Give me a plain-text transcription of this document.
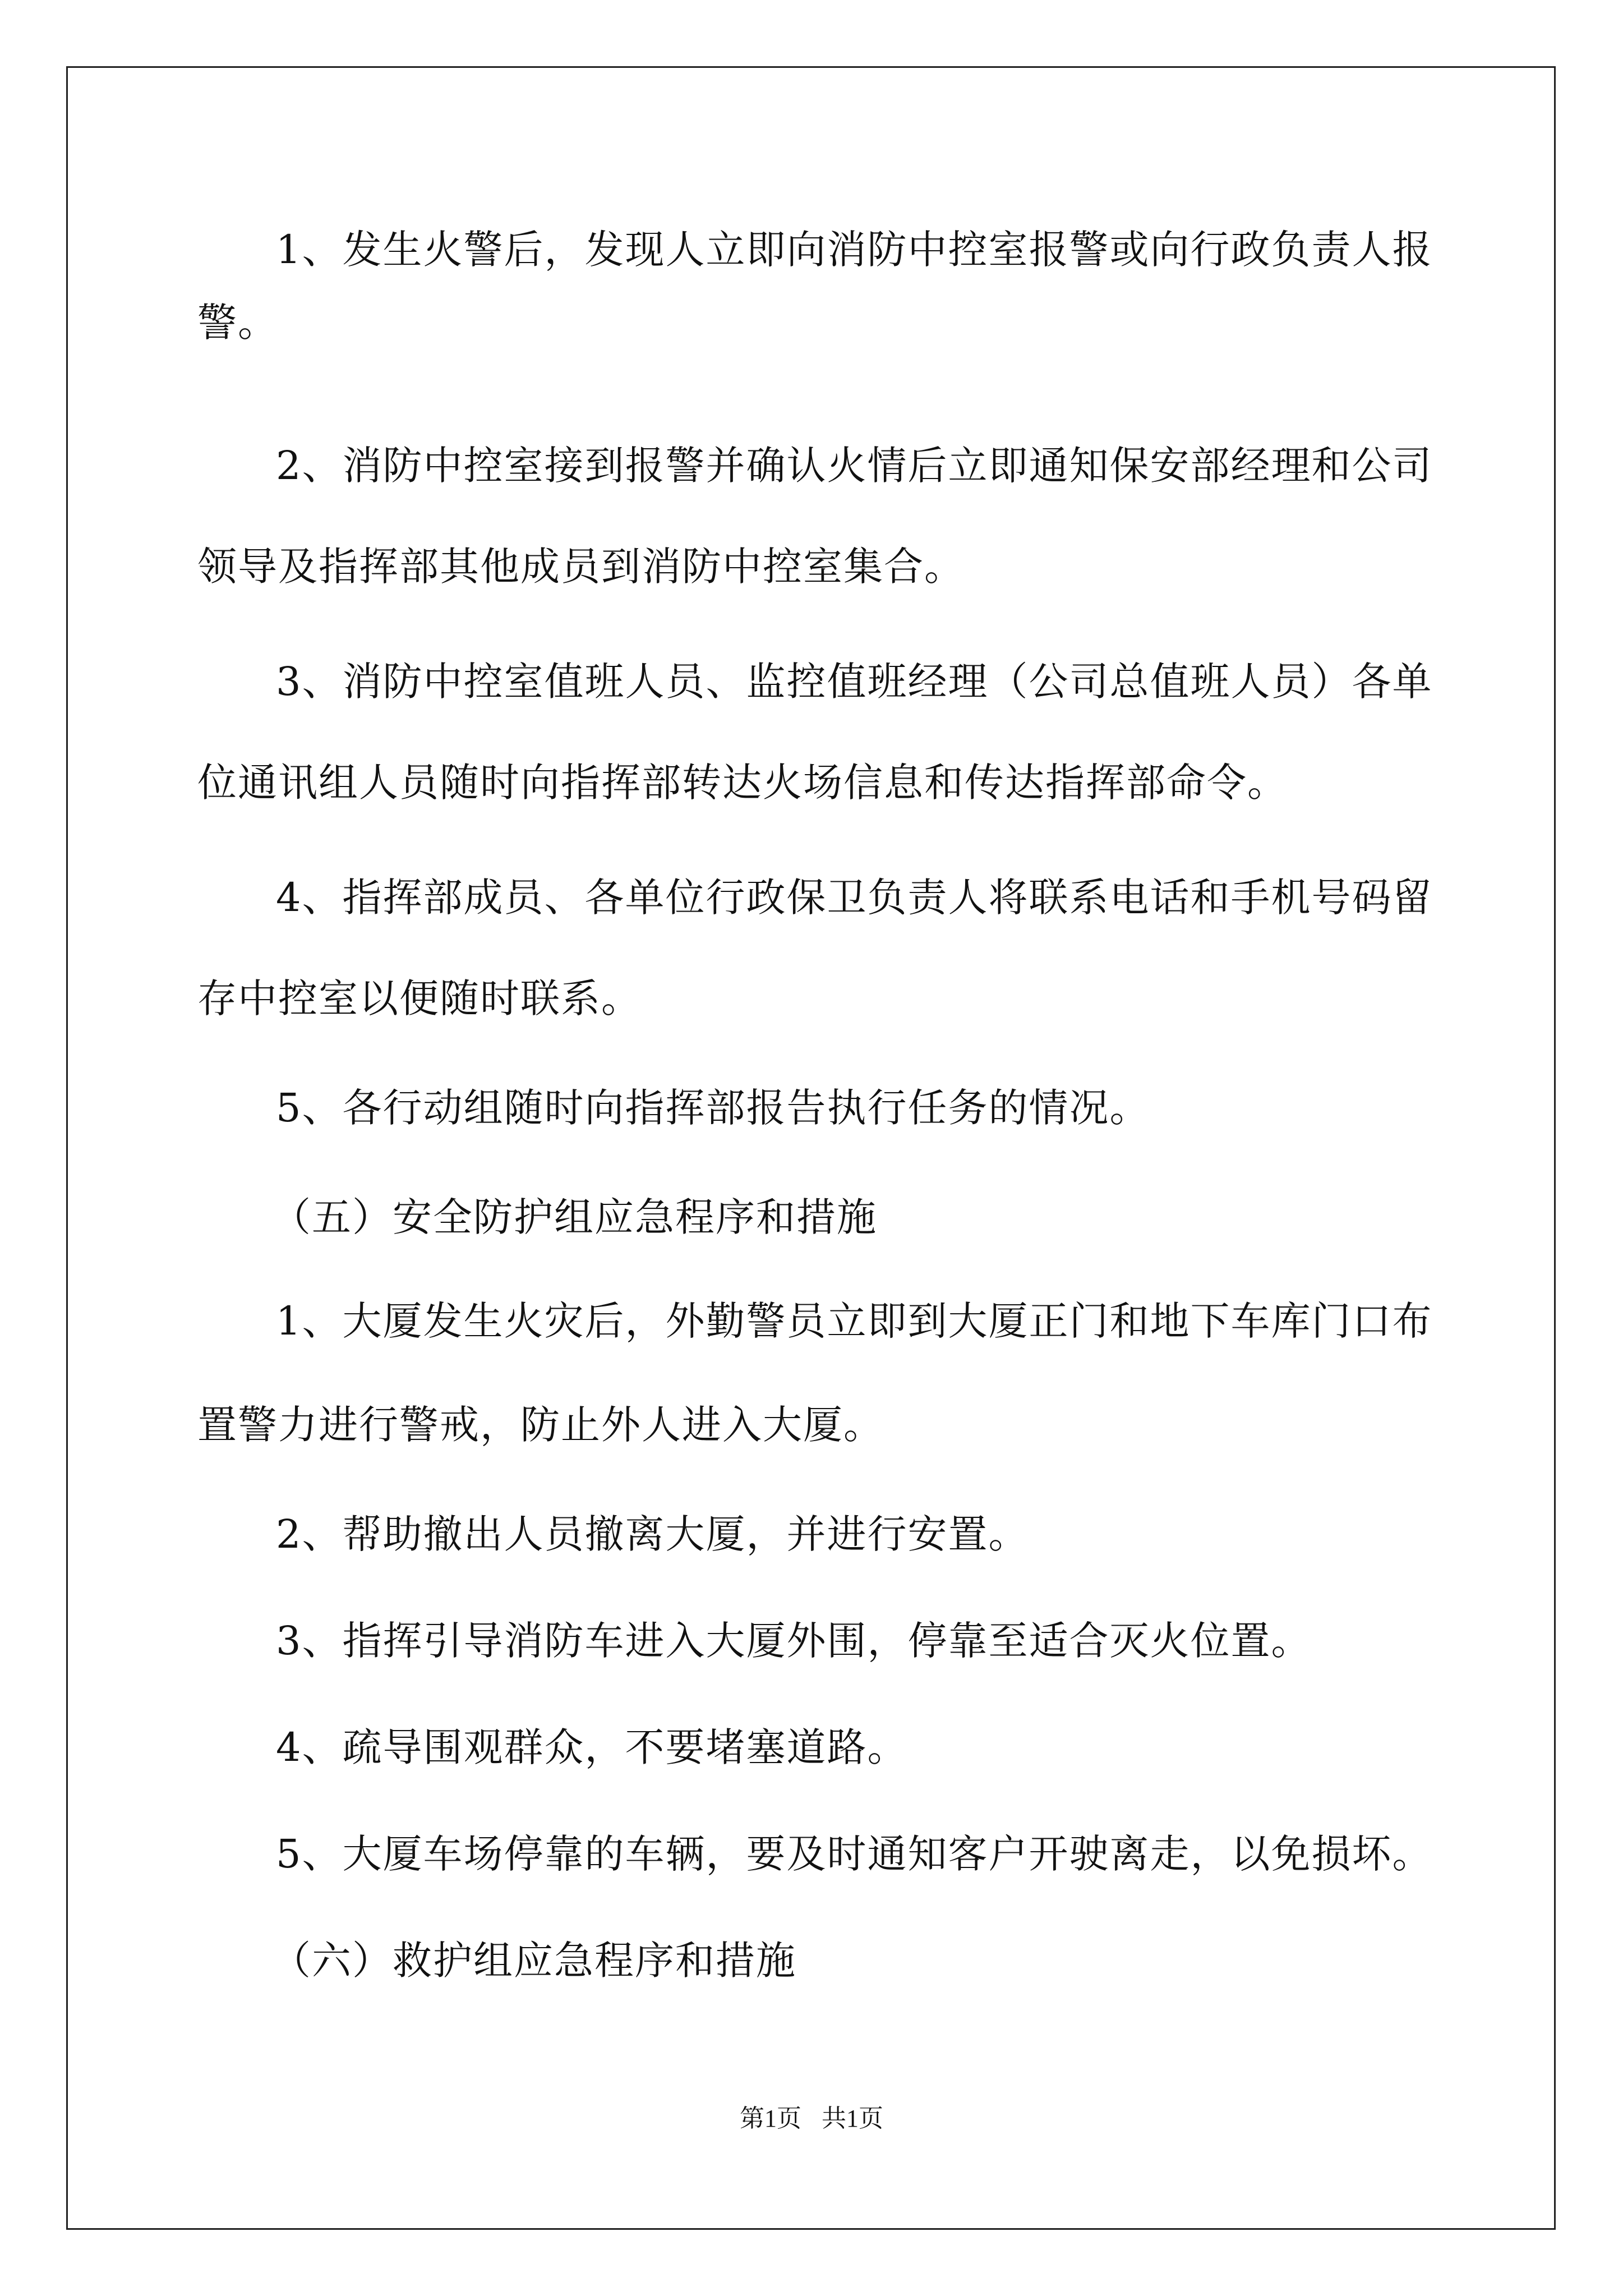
1、发生火警后，发现人立即向消防中控室报警或向行政负责人报
警。
2、消防中控室接到报警并确认火情后立即通知保安部经理和公司
领导及指挥部其他成员到消防中控室集合。
3、消防中控室值班人员、监控值班经理（公司总值班人员）各单
位通讯组人员随时向指挥部转达火场信息和传达指挥部命令。
4、指挥部成员、各单位行政保卫负责人将联系电话和手机号码留
存中控室以便随时联系。
5、各行动组随时向指挥部报告执行任务的情况。
（五）安全防护组应急程序和措施
1、大厦发生火灾后，外勤警员立即到大厦正门和地下车库门口布
置警力进行警戒，防止外人进入大厦。
2、帮助撤出人员撤离大厦，并进行安置。
3、指挥引导消防车进入大厦外围，停靠至适合灭火位置。
4、疏导围观群众，不要堵塞道路。
5、大厦车场停靠的车辆，要及时通知客户开驶离走，以免损坏。
（六）救护组应急程序和措施
第1页 共1页
